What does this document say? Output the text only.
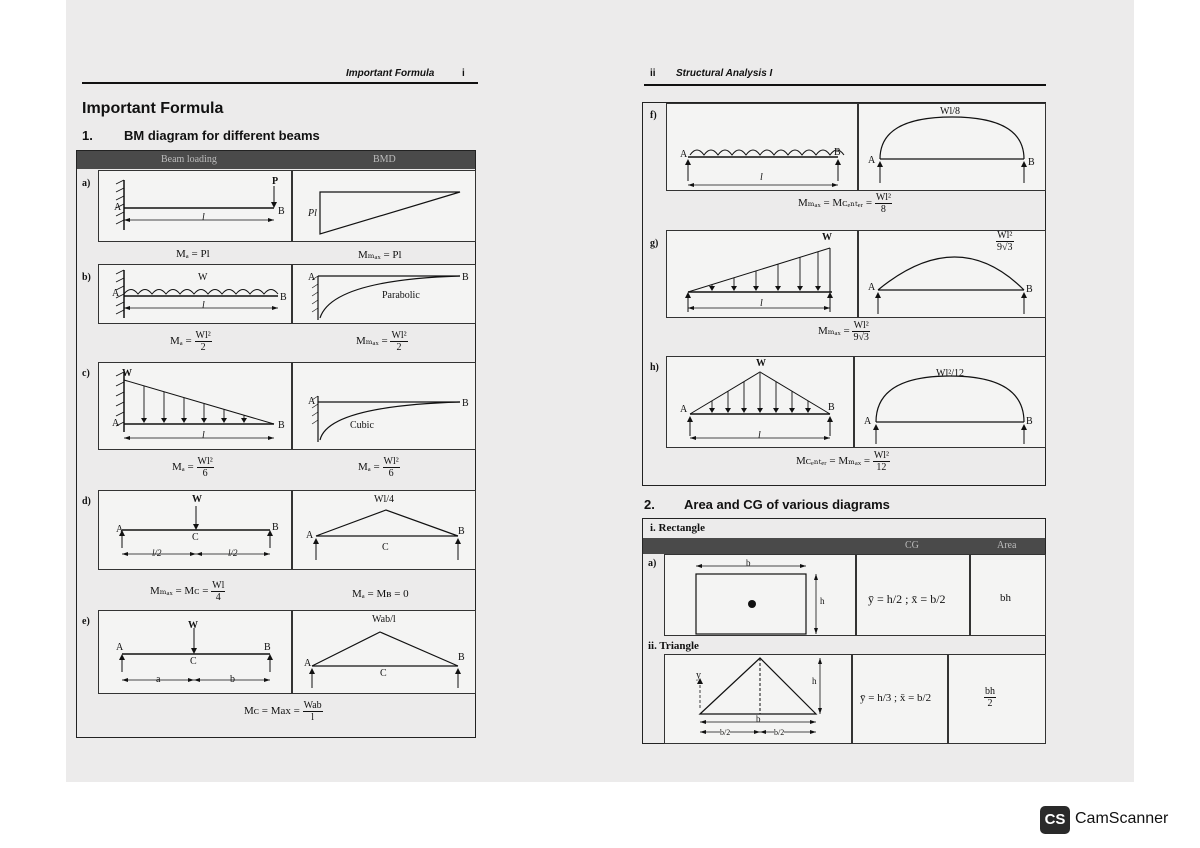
Important Formula	i
Important Formula
1. BM diagram for different beams
Beam loading	BMD
a)
A	B
P
l	Pl
Mₐ = Pl	Mₘₐₓ = Pl
b)
A	B
W
l
A	B
Parabolic
$M_a = \frac{\text{Wl²}}{2}$	$M_{max} = \frac{\text{Wl²}}{2}$
c)
A	B
W
l
A	B
Cubic
$M_a = \frac{\text{Wl²}}{6}$	$M_a = \frac{\text{Wl²}}{6}$
d)
A	B
W
C
l/2	l/2
A	B
Wl/4
C
Mₘₐₓ = Mᴄ = $\frac{Wl}{4}$	Mₐ = Mʙ = 0
e)
A	B
W
C
a	b
A
B
Wab/l
C
Mᴄ = Max = $\frac{\text{Wab}}{l}$
ii Structural Analysis I
f)
A	B
l
A	B
Wl/8
Mₘₐₓ = Mᴄₑₙₜₑᵣ = $\frac{\text{Wl²}}{8}$
g)
W
l
A	B
$\frac{\text{Wl²}}{9√3}$
$M_{max} = \frac{\text{Wl²}}{9√3}$
h)
A	B
W
l
A	B
Wl²/12
Mᴄₑₙₜₑᵣ = $M_{max} = \frac{\text{Wl²}}{12}$
2. Area and CG of various diagrams
i. Rectangle
CG	Area
a)	b
h	ȳ = h/2 ; x̄ = b/2	bh
ii. Triangle
y	h
b
b/2	b/2
ȳ = h/3 ; x̄ = b/2	$\frac{bh}{2}$
CS CamScanner
